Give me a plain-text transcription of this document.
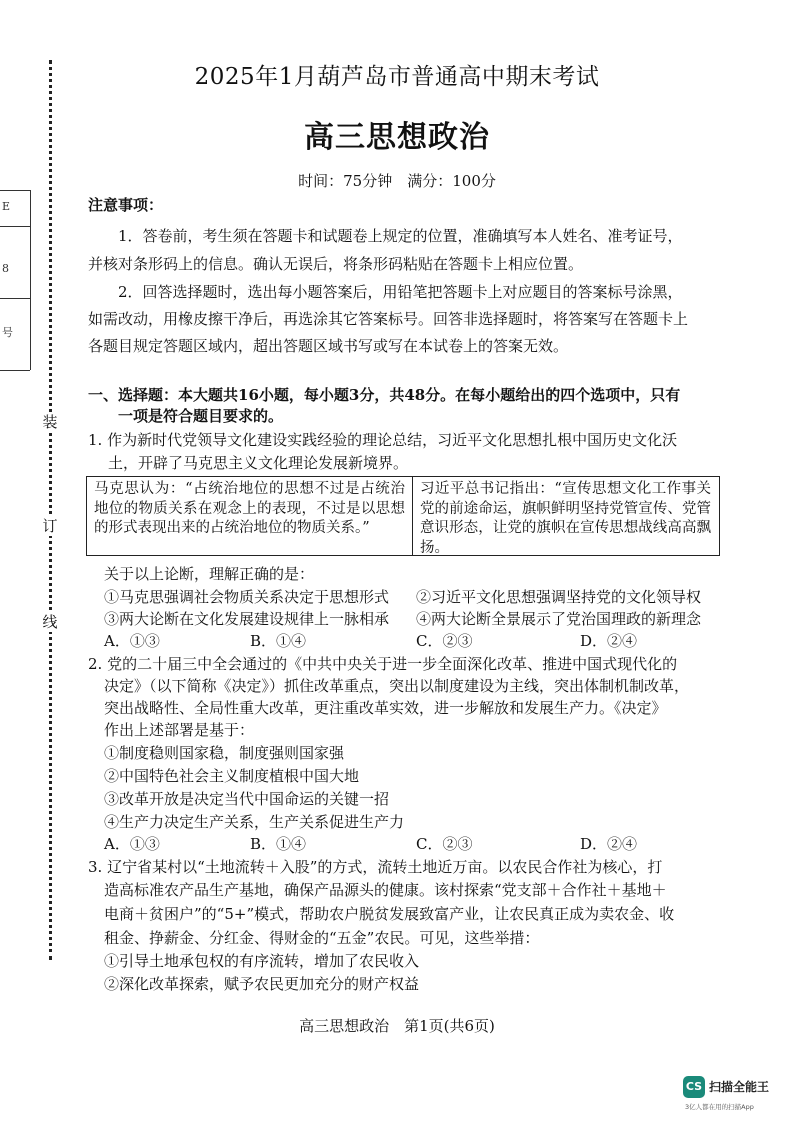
装
订
线
E
8
号
2025年1月葫芦岛市普通高中期末考试
高三思想政治
时间：75分钟　满分：100分
注意事项：
1．答卷前，考生须在答题卡和试题卷上规定的位置，准确填写本人姓名、准考证号，
并核对条形码上的信息。确认无误后，将条形码粘贴在答题卡上相应位置。
2．回答选择题时，选出每小题答案后，用铅笔把答题卡上对应题目的答案标号涂黑，
如需改动，用橡皮擦干净后，再选涂其它答案标号。回答非选择题时，将答案写在答题卡上
各题目规定答题区域内，超出答题区域书写或写在本试卷上的答案无效。
一、选择题：本大题共16小题，每小题3分，共48分。在每小题给出的四个选项中，只有
一项是符合题目要求的。
1. 作为新时代党领导文化建设实践经验的理论总结，习近平文化思想扎根中国历史文化沃
土，开辟了马克思主义文化理论发展新境界。
马克思认为：“占统治地位的思想不过是占统治地位的物质关系在观念上的表现，不过是以思想的形式表现出来的占统治地位的物质关系。”
习近平总书记指出：“宣传思想文化工作事关党的前途命运，旗帜鲜明坚持党管宣传、党管意识形态，让党的旗帜在宣传思想战线高高飘扬。
关于以上论断，理解正确的是：
①马克思强调社会物质关系决定于思想形式 ②习近平文化思想强调坚持党的文化领导权
③两大论断在文化发展建设规律上一脉相承 ④两大论断全景展示了党治国理政的新理念
A．①③	B．①④	C．②③	D．②④
2. 党的二十届三中全会通过的《中共中央关于进一步全面深化改革、推进中国式现代化的
决定》（以下简称《决定》）抓住改革重点，突出以制度建设为主线，突出体制机制改革，
突出战略性、全局性重大改革，更注重改革实效，进一步解放和发展生产力。《决定》
作出上述部署是基于：
①制度稳则国家稳，制度强则国家强
②中国特色社会主义制度植根中国大地
③改革开放是决定当代中国命运的关键一招
④生产力决定生产关系，生产关系促进生产力
A．①③	B．①④	C．②③	D．②④
3. 辽宁省某村以“土地流转＋入股”的方式，流转土地近万亩。以农民合作社为核心，打
造高标准农产品生产基地，确保产品源头的健康。该村探索“党支部＋合作社＋基地＋
电商＋贫困户”的“5+”模式，帮助农户脱贫发展致富产业，让农民真正成为卖农金、收
租金、挣薪金、分红金、得财金的“五金”农民。可见，这些举措：
①引导土地承包权的有序流转，增加了农民收入
②深化改革探索，赋予农民更加充分的财产权益
高三思想政治　第1页(共6页)
CS 扫描全能王
3亿人都在用的扫描App
